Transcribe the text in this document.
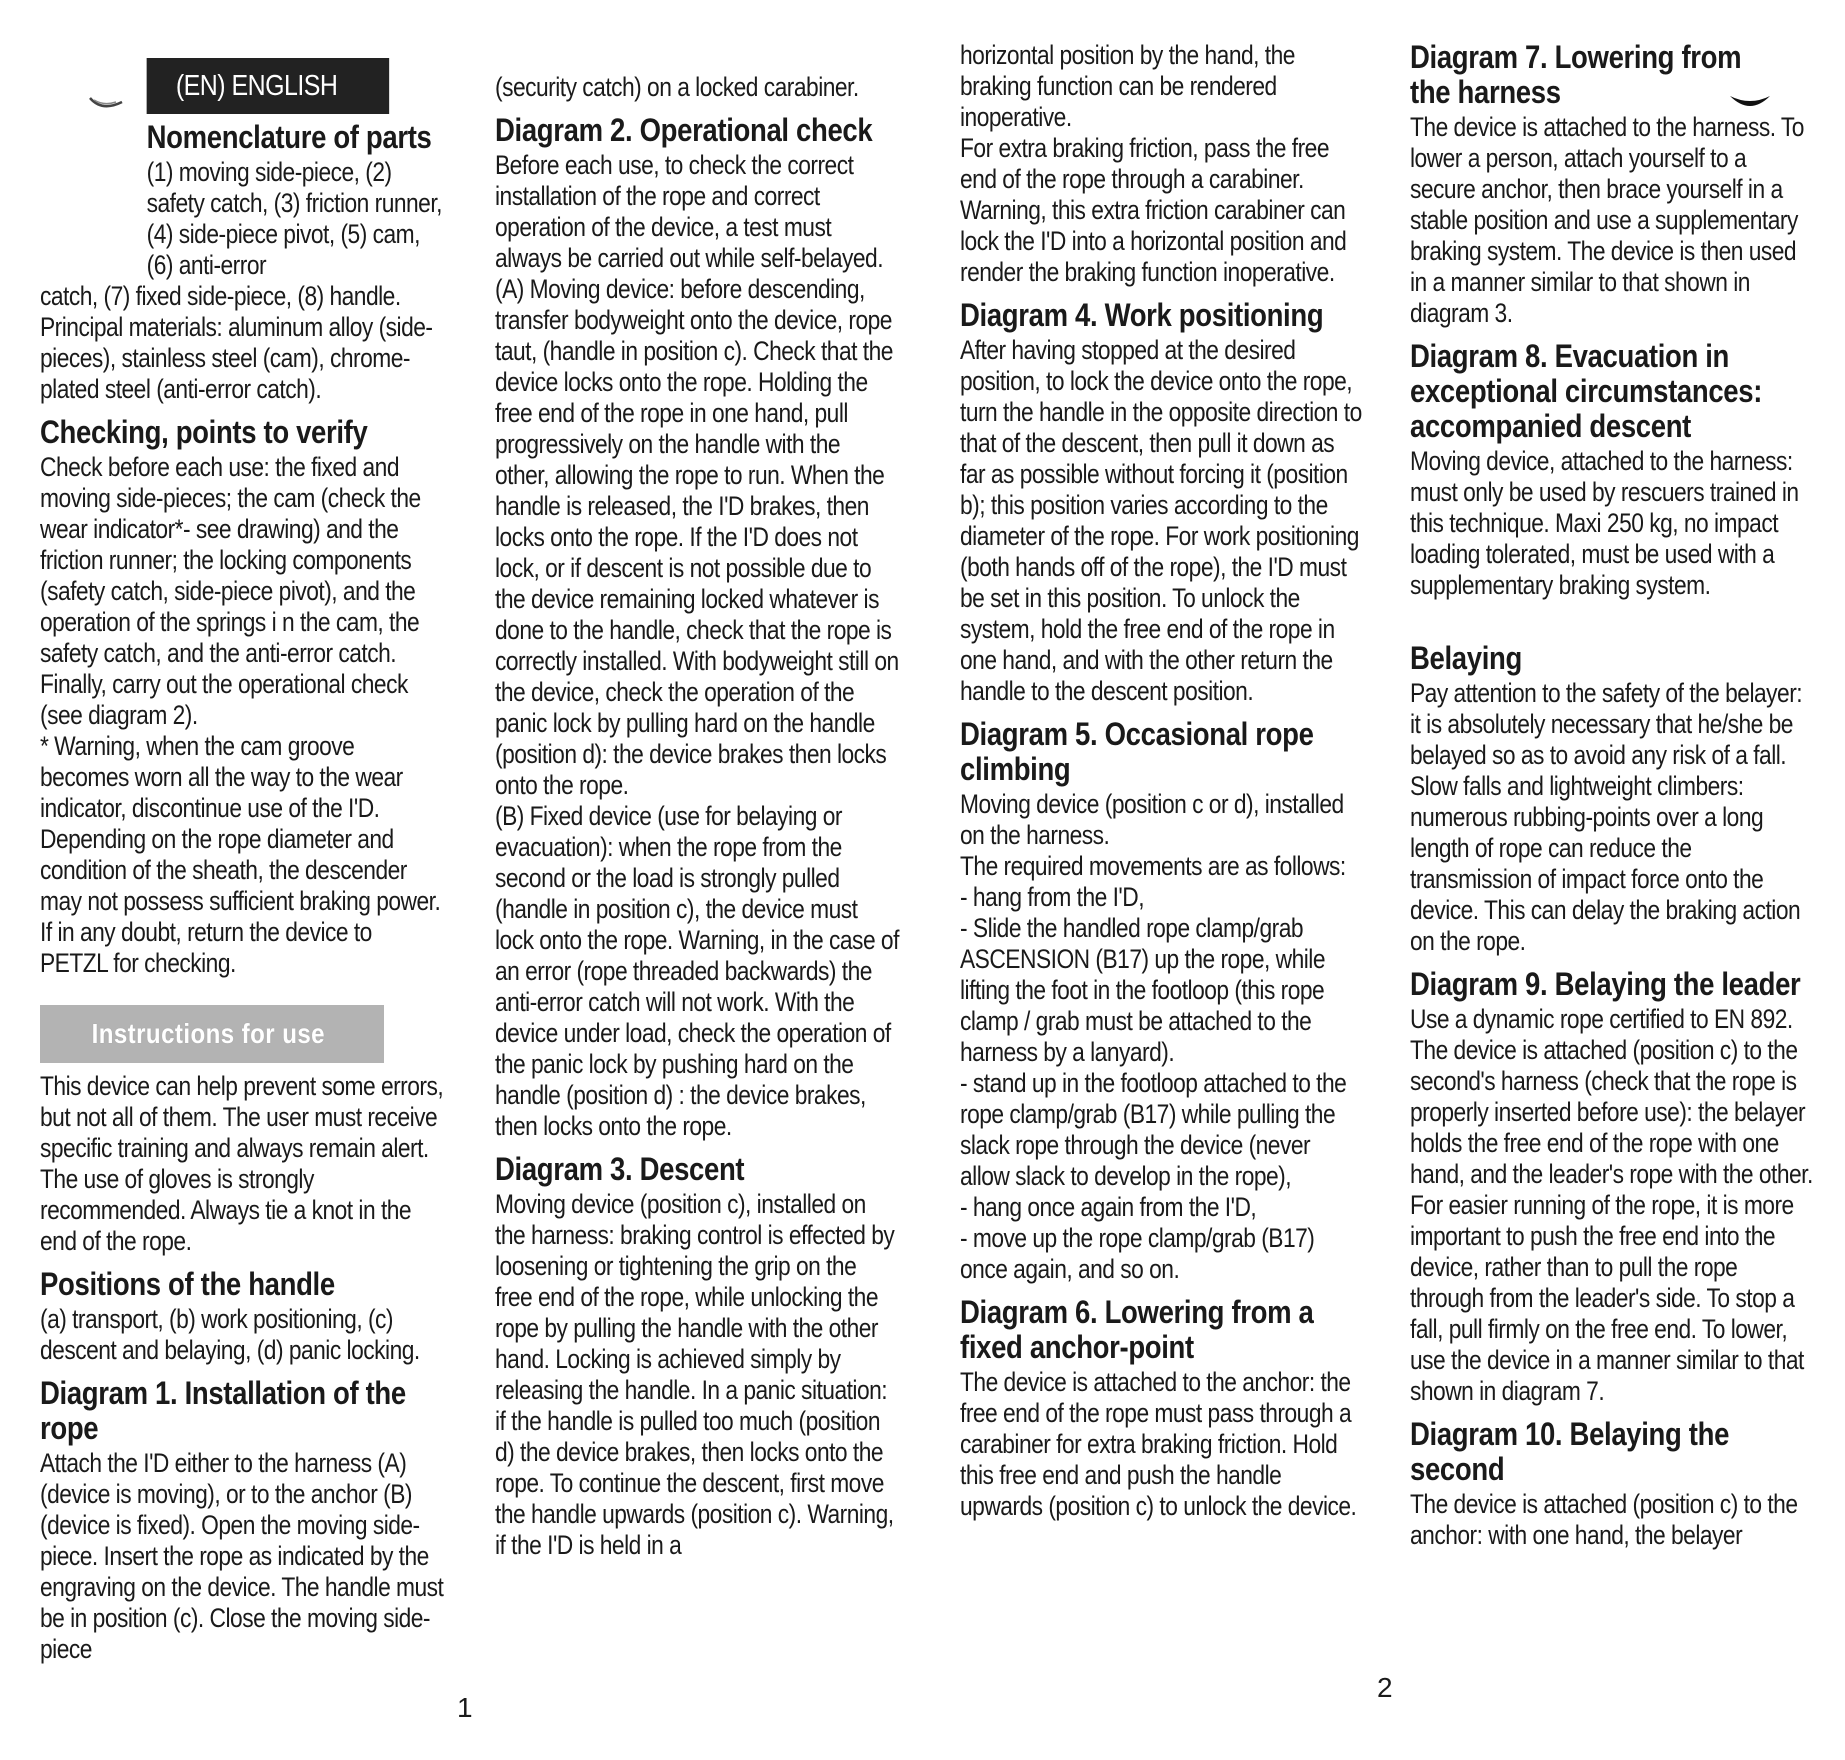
(EN) ENGLISH
Nomenclature of parts

(1) moving side-piece, (2) safety catch, (3) friction runner, (4) side-piece pivot, (5) cam, (6) anti-error

catch, (7) fixed side-piece, (8) handle. Principal materials: aluminum alloy (side-pieces), stainless steel (cam), chrome-plated steel (anti-error catch).

Checking, points to verify

Check before each use: the fixed and moving side-pieces; the cam (check the wear indicator*- see drawing) and the friction runner; the locking components (safety catch, side-piece pivot), and the operation of the springs i n the cam, the safety catch, and the anti-error catch. Finally, carry out the operational check (see diagram 2).

* Warning, when the cam groove becomes worn all the way to the wear indicator, discontinue use of the I'D. Depending on the rope diameter and condition of the sheath, the descender may not possess sufficient braking power. If in any doubt, return the device to PETZL for checking.

Instructions for use

This device can help prevent some errors, but not all of them. The user must receive specific training and always remain alert. The use of gloves is strongly recommended. Always tie a knot in the end of the rope.

Positions of the handle

(a) transport, (b) work positioning, (c) descent and belaying, (d) panic locking.

Diagram 1. Installation of the rope

Attach the I'D either to the harness (A) (device is moving), or to the anchor (B) (device is fixed). Open the moving side-piece. Insert the rope as indicated by the engraving on the device. The handle must be in position (c). Close the moving side-piece

(security catch) on a locked carabiner.

Diagram 2. Operational check

Before each use, to check the correct installation of the rope and correct operation of the device, a test must always be carried out while self-belayed.

(A) Moving device: before descending, transfer bodyweight onto the device, rope taut, (handle in position c). Check that the device locks onto the rope. Holding the free end of the rope in one hand, pull progressively on the handle with the other, allowing the rope to run. When the handle is released, the I'D brakes, then locks onto the rope. If the I'D does not lock, or if descent is not possible due to the device remaining locked whatever is done to the handle, check that the rope is correctly installed. With bodyweight still on the device, check the operation of the panic lock by pulling hard on the handle (position d): the device brakes then locks onto the rope.

(B) Fixed device (use for belaying or evacuation): when the rope from the second or the load is strongly pulled (handle in position c), the device must lock onto the rope. Warning, in the case of an error (rope threaded backwards) the anti-error catch will not work. With the device under load, check the operation of the panic lock by pushing hard on the handle (position d) : the device brakes, then locks onto the rope.

Diagram 3. Descent

Moving device (position c), installed on the harness: braking control is effected by loosening or tightening the grip on the free end of the rope, while unlocking the rope by pulling the handle with the other hand. Locking is achieved simply by releasing the handle. In a panic situation: if the handle is pulled too much (position d) the device brakes, then locks onto the rope. To continue the descent, first move the handle upwards (position c). Warning, if the I'D is held in a

horizontal position by the hand, the braking function can be rendered inoperative.

For extra braking friction, pass the free end of the rope through a carabiner. Warning, this extra friction carabiner can lock the I'D into a horizontal position and render the braking function inoperative.

Diagram 4. Work positioning

After having stopped at the desired position, to lock the device onto the rope, turn the handle in the opposite direction to that of the descent, then pull it down as far as possible without forcing it (position b); this position varies according to the diameter of the rope. For work positioning (both hands off of the rope), the I'D must be set in this position. To unlock the system, hold the free end of the rope in one hand, and with the other return the handle to the descent position.

Diagram 5. Occasional rope climbing

Moving device (position c or d), installed on the harness.

The required movements are as follows:

- hang from the I'D,

- Slide the handled rope clamp/grab ASCENSION (B17) up the rope, while lifting the foot in the footloop (this rope clamp / grab must be attached to the harness by a lanyard).

- stand up in the footloop attached to the rope clamp/grab (B17) while pulling the slack rope through the device (never allow slack to develop in the rope),

- hang once again from the I'D,

- move up the rope clamp/grab (B17) once again, and so on.

Diagram 6. Lowering from a fixed anchor-point

The device is attached to the anchor: the free end of the rope must pass through a carabiner for extra braking friction. Hold this free end and push the handle upwards (position c) to unlock the device.

Diagram 7. Lowering from the harness

The device is attached to the harness. To lower a person, attach yourself to a secure anchor, then brace yourself in a stable position and use a supplementary braking system. The device is then used in a manner similar to that shown in diagram 3.

Diagram 8. Evacuation in exceptional circumstances: accompanied descent

Moving device, attached to the harness: must only be used by rescuers trained in this technique. Maxi 250 kg, no impact loading tolerated, must be used with a supplementary braking system.

Belaying

Pay attention to the safety of the belayer: it is absolutely necessary that he/she be belayed so as to avoid any risk of a fall. Slow falls and lightweight climbers: numerous rubbing-points over a long length of rope can reduce the transmission of impact force onto the device. This can delay the braking action on the rope.

Diagram 9. Belaying the leader

Use a dynamic rope certified to EN 892. The device is attached (position c) to the second's harness (check that the rope is properly inserted before use): the belayer holds the free end of the rope with one hand, and the leader's rope with the other. For easier running of the rope, it is more important to push the free end into the device, rather than to pull the rope through from the leader's side. To stop a fall, pull firmly on the free end. To lower, use the device in a manner similar to that shown in diagram 7.

Diagram 10. Belaying the second

The device is attached (position c) to the anchor: with one hand, the belayer

1
2
